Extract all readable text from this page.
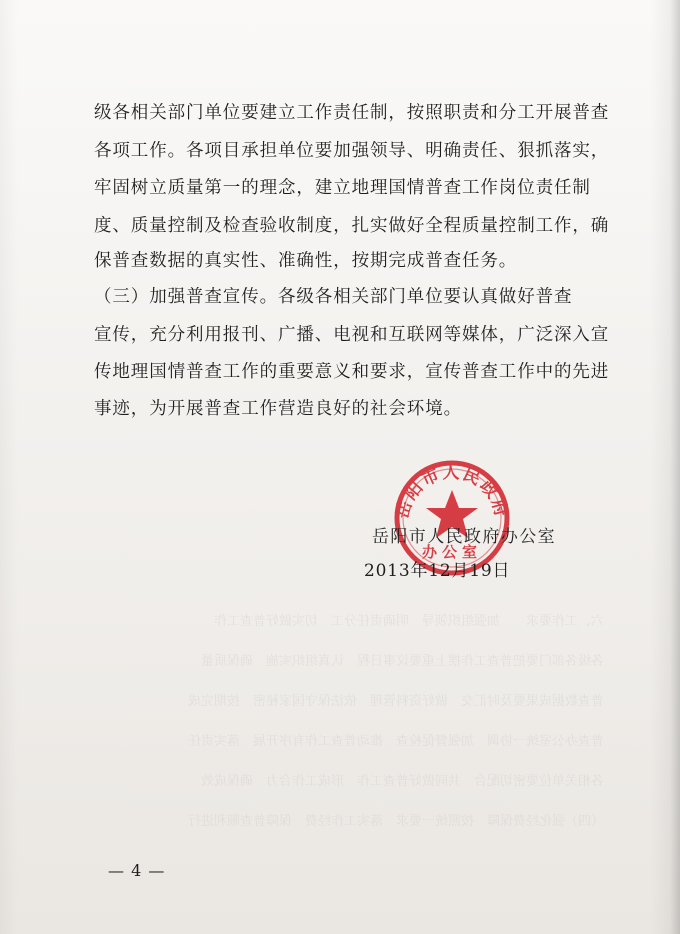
六、工作要求　　加强组织领导　明确责任分工　切实做好普查工作
各级各部门要把普查工作摆上重要议事日程　认真组织实施　确保质量
普查数据成果要及时汇交　做好资料管理　依法保守国家秘密　按期完成
普查办公室统一协调　加强督促检查　推动普查工作有序开展　落实责任
各相关单位要密切配合　共同做好普查工作　形成工作合力　确保成效
（四）强化经费保障　按照统一要求　落实工作经费　保障普查顺利进行
级各相关部门单位要建立工作责任制，按照职责和分工开展普查
各项工作。各项目承担单位要加强领导、明确责任、狠抓落实，
牢固树立质量第一的理念，建立地理国情普查工作岗位责任制
度、质量控制及检查验收制度，扎实做好全程质量控制工作，确
保普查数据的真实性、准确性，按期完成普查任务。
（三）加强普查宣传。各级各相关部门单位要认真做好普查
宣传，充分利用报刊、广播、电视和互联网等媒体，广泛深入宣
传地理国情普查工作的重要意义和要求，宣传普查工作中的先进
事迹，为开展普查工作营造良好的社会环境。
岳阳市人民政府
办公室
岳阳市人民政府办公室
2013年12月19日
— 4 —
